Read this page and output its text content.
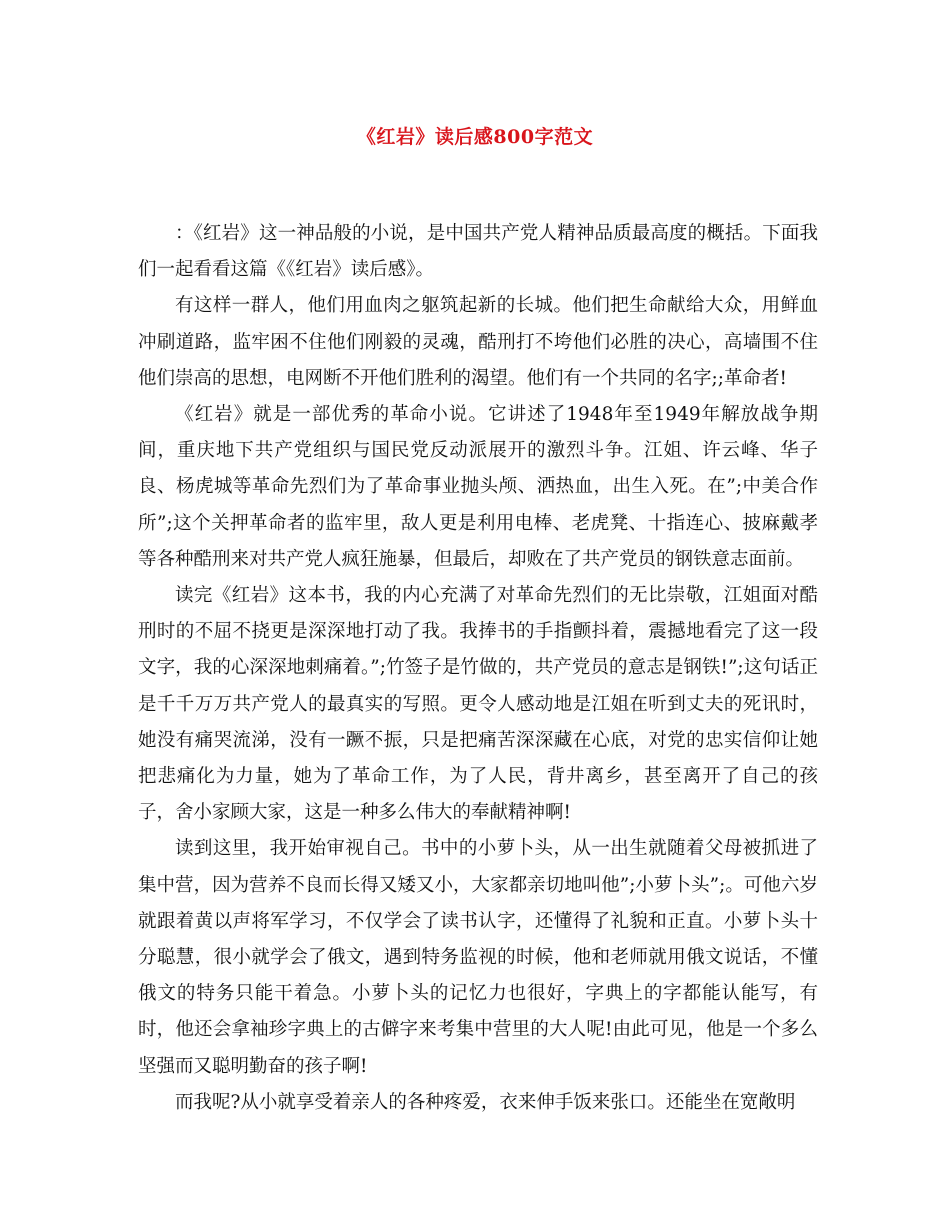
《红岩》读后感800字范文

：《红岩》这一神品般的小说，是中国共产党人精神品质最高度的概括。下面我们一起看看这篇《《红岩》读后感》。

有这样一群人，他们用血肉之躯筑起新的长城。他们把生命献给大众，用鲜血冲刷道路，监牢困不住他们刚毅的灵魂，酷刑打不垮他们必胜的决心，高墙围不住他们崇高的思想，电网断不开他们胜利的渴望。他们有一个共同的名字;;革命者!

《红岩》就是一部优秀的革命小说。它讲述了1948年至1949年解放战争期间，重庆地下共产党组织与国民党反动派展开的激烈斗争。江姐、许云峰、华子良、杨虎城等革命先烈们为了革命事业抛头颅、洒热血，出生入死。在”;中美合作所”;这个关押革命者的监牢里，敌人更是利用电棒、老虎凳、十指连心、披麻戴孝等各种酷刑来对共产党人疯狂施暴，但最后，却败在了共产党员的钢铁意志面前。

读完《红岩》这本书，我的内心充满了对革命先烈们的无比崇敬，江姐面对酷刑时的不屈不挠更是深深地打动了我。我捧书的手指颤抖着，震撼地看完了这一段文字，我的心深深地刺痛着。”;竹签子是竹做的，共产党员的意志是钢铁!”;这句话正是千千万万共产党人的最真实的写照。更令人感动地是江姐在听到丈夫的死讯时，她没有痛哭流涕，没有一蹶不振，只是把痛苦深深藏在心底，对党的忠实信仰让她把悲痛化为力量，她为了革命工作，为了人民，背井离乡，甚至离开了自己的孩子，舍小家顾大家，这是一种多么伟大的奉献精神啊!

读到这里，我开始审视自己。书中的小萝卜头，从一出生就随着父母被抓进了集中营，因为营养不良而长得又矮又小，大家都亲切地叫他”;小萝卜头”;。可他六岁就跟着黄以声将军学习，不仅学会了读书认字，还懂得了礼貌和正直。小萝卜头十分聪慧，很小就学会了俄文，遇到特务监视的时候，他和老师就用俄文说话，不懂俄文的特务只能干着急。小萝卜头的记忆力也很好，字典上的字都能认能写，有时，他还会拿袖珍字典上的古僻字来考集中营里的大人呢!由此可见，他是一个多么坚强而又聪明勤奋的孩子啊!

而我呢?从小就享受着亲人的各种疼爱，衣来伸手饭来张口。还能坐在宽敞明
